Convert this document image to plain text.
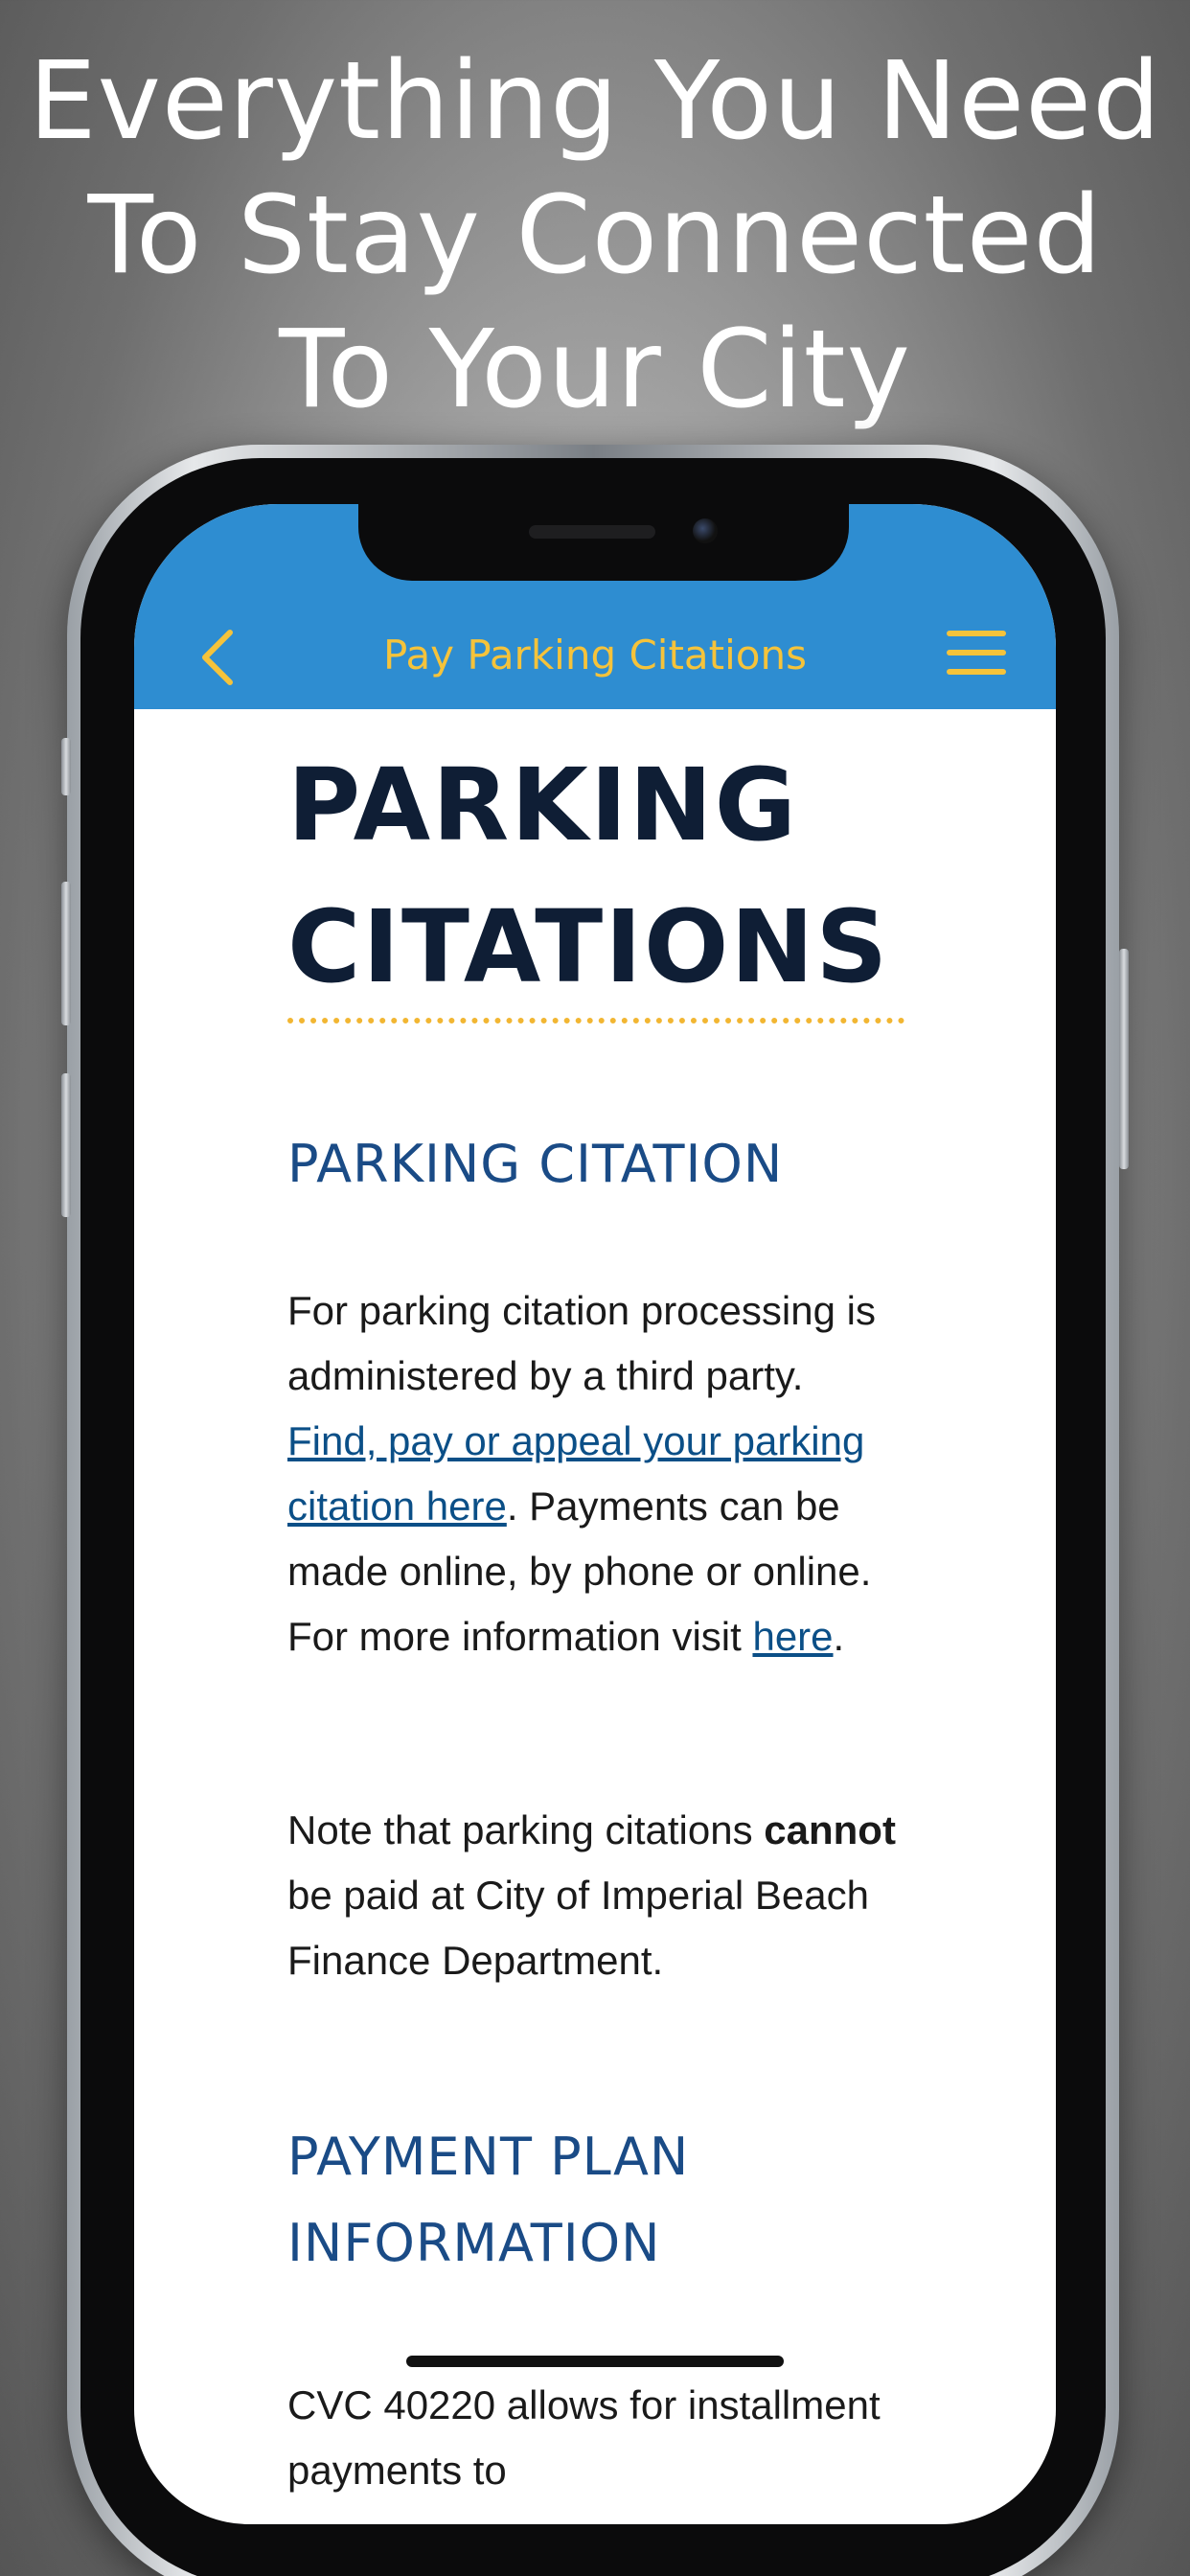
Everything You Need
To Stay Connected
To Your City
Pay Parking Citations
PARKING
CITATIONS
PARKING CITATION

For parking citation processing is administered by a third party. Find, pay or appeal your parking citation here. Payments can be made online, by phone or online. For more information visit here.

Note that parking citations cannot be paid at City of Imperial Beach Finance Department.

PAYMENT PLAN INFORMATION

CVC 40220 allows for installment payments to
